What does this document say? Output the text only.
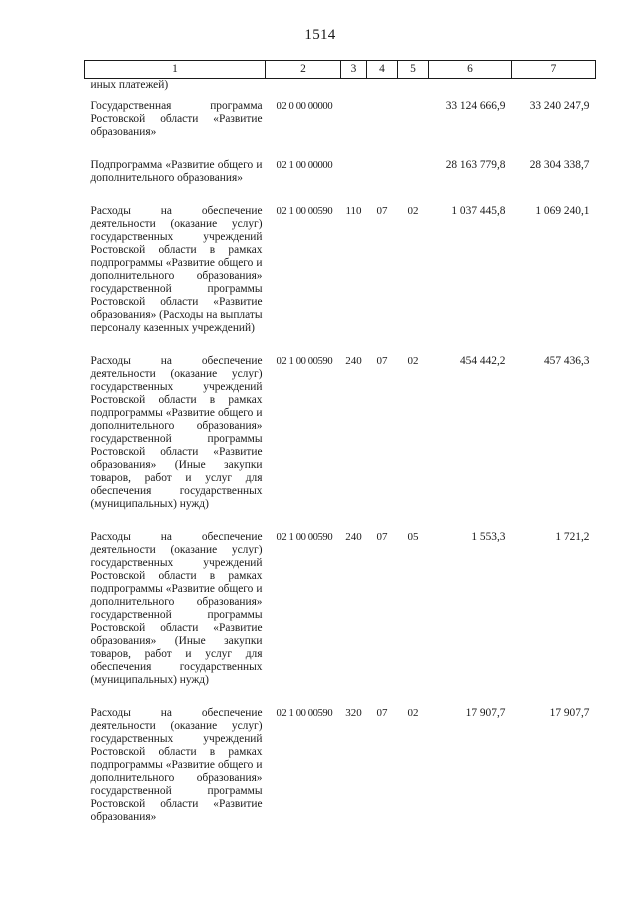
1514
1	2	3	4	5	6	7
иных платежей)						
Государственная программа Ростовской области «Развитие образования»	02 0 00 00000				33 124 666,9	33 240 247,9
Подпрограмма «Развитие общего и дополнительного образования»	02 1 00 00000				28 163 779,8	28 304 338,7
Расходы на обеспечение деятельности (оказание услуг) государственных учреждений Ростовской области в рамках подпрограммы «Развитие общего и дополнительного образования» государственной программы Ростовской области «Развитие образования» (Расходы на выплаты персоналу казенных учреждений)	02 1 00 00590	110	07	02	1 037 445,8	1 069 240,1
Расходы на обеспечение деятельности (оказание услуг) государственных учреждений Ростовской области в рамках подпрограммы «Развитие общего и дополнительного образования» государственной программы Ростовской области «Развитие образования» (Иные закупки товаров, работ и услуг для обеспечения государственных (муниципальных) нужд)	02 1 00 00590	240	07	02	454 442,2	457 436,3
Расходы на обеспечение деятельности (оказание услуг) государственных учреждений Ростовской области в рамках подпрограммы «Развитие общего и дополнительного образования» государственной программы Ростовской области «Развитие образования» (Иные закупки товаров, работ и услуг для обеспечения государственных (муниципальных) нужд)	02 1 00 00590	240	07	05	1 553,3	1 721,2
Расходы на обеспечение деятельности (оказание услуг) государственных учреждений Ростовской области в рамках подпрограммы «Развитие общего и дополнительного образования» государственной программы Ростовской области «Развитие образования»	02 1 00 00590	320	07	02	17 907,7	17 907,7
